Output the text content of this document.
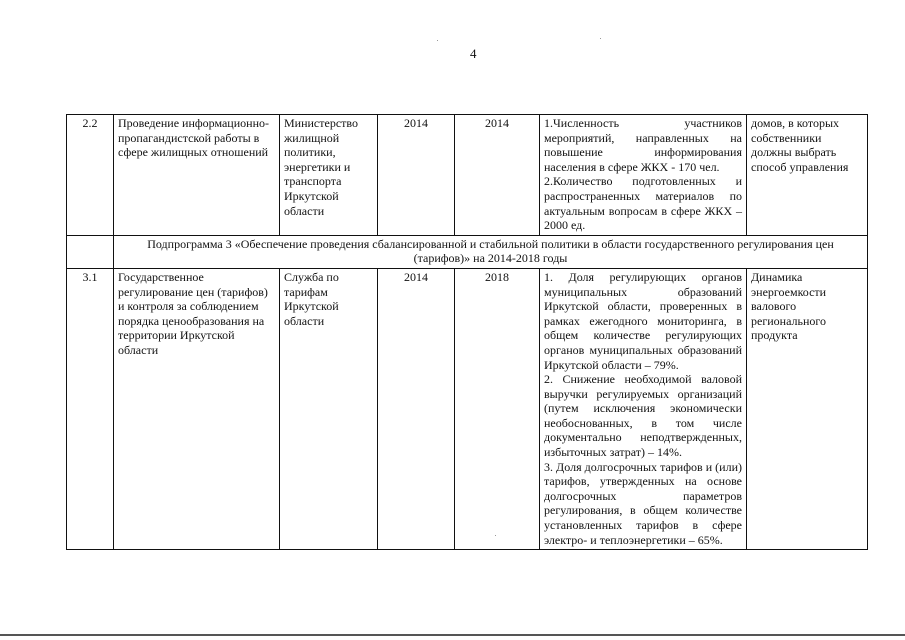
4
2.2	Проведение информационно-пропагандистской работы в сфере жилищных отношений	Министерство жилищной политики, энергетики и транспорта Иркутской области	2014	2014	1.Численность участников мероприятий, направленных на повышение информирования населения в сфере ЖКХ - 170 чел.

2.Количество подготовленных и распространенных материалов по актуальным вопросам в сфере ЖКХ – 2000 ед.	домов, в которых собственники должны выбрать способ управления
	Подпрограмма 3 «Обеспечение проведения сбалансированной и стабильной политики в области государственного регулирования цен (тарифов)» на 2014-2018 годы					
3.1	Государственное регулирование цен (тарифов) и контроля за соблюдением порядка ценообразования на территории Иркутской области	Служба по тарифам Иркутской области	2014	2018	1. Доля регулирующих органов муниципальных образований Иркутской области, проверенных в рамках ежегодного мониторинга, в общем количестве регулирующих органов муниципальных образований Иркутской области – 79%.

2. Снижение необходимой валовой выручки регулируемых организаций (путем исключения экономически необоснованных, в том числе документально неподтвержденных, избыточных затрат) – 14%.

3. Доля долгосрочных тарифов и (или) тарифов, утвержденных на основе долгосрочных параметров регулирования, в общем количестве установленных тарифов в сфере электро- и теплоэнергетики – 65%.	Динамика энергоемкости валового регионального продукта
